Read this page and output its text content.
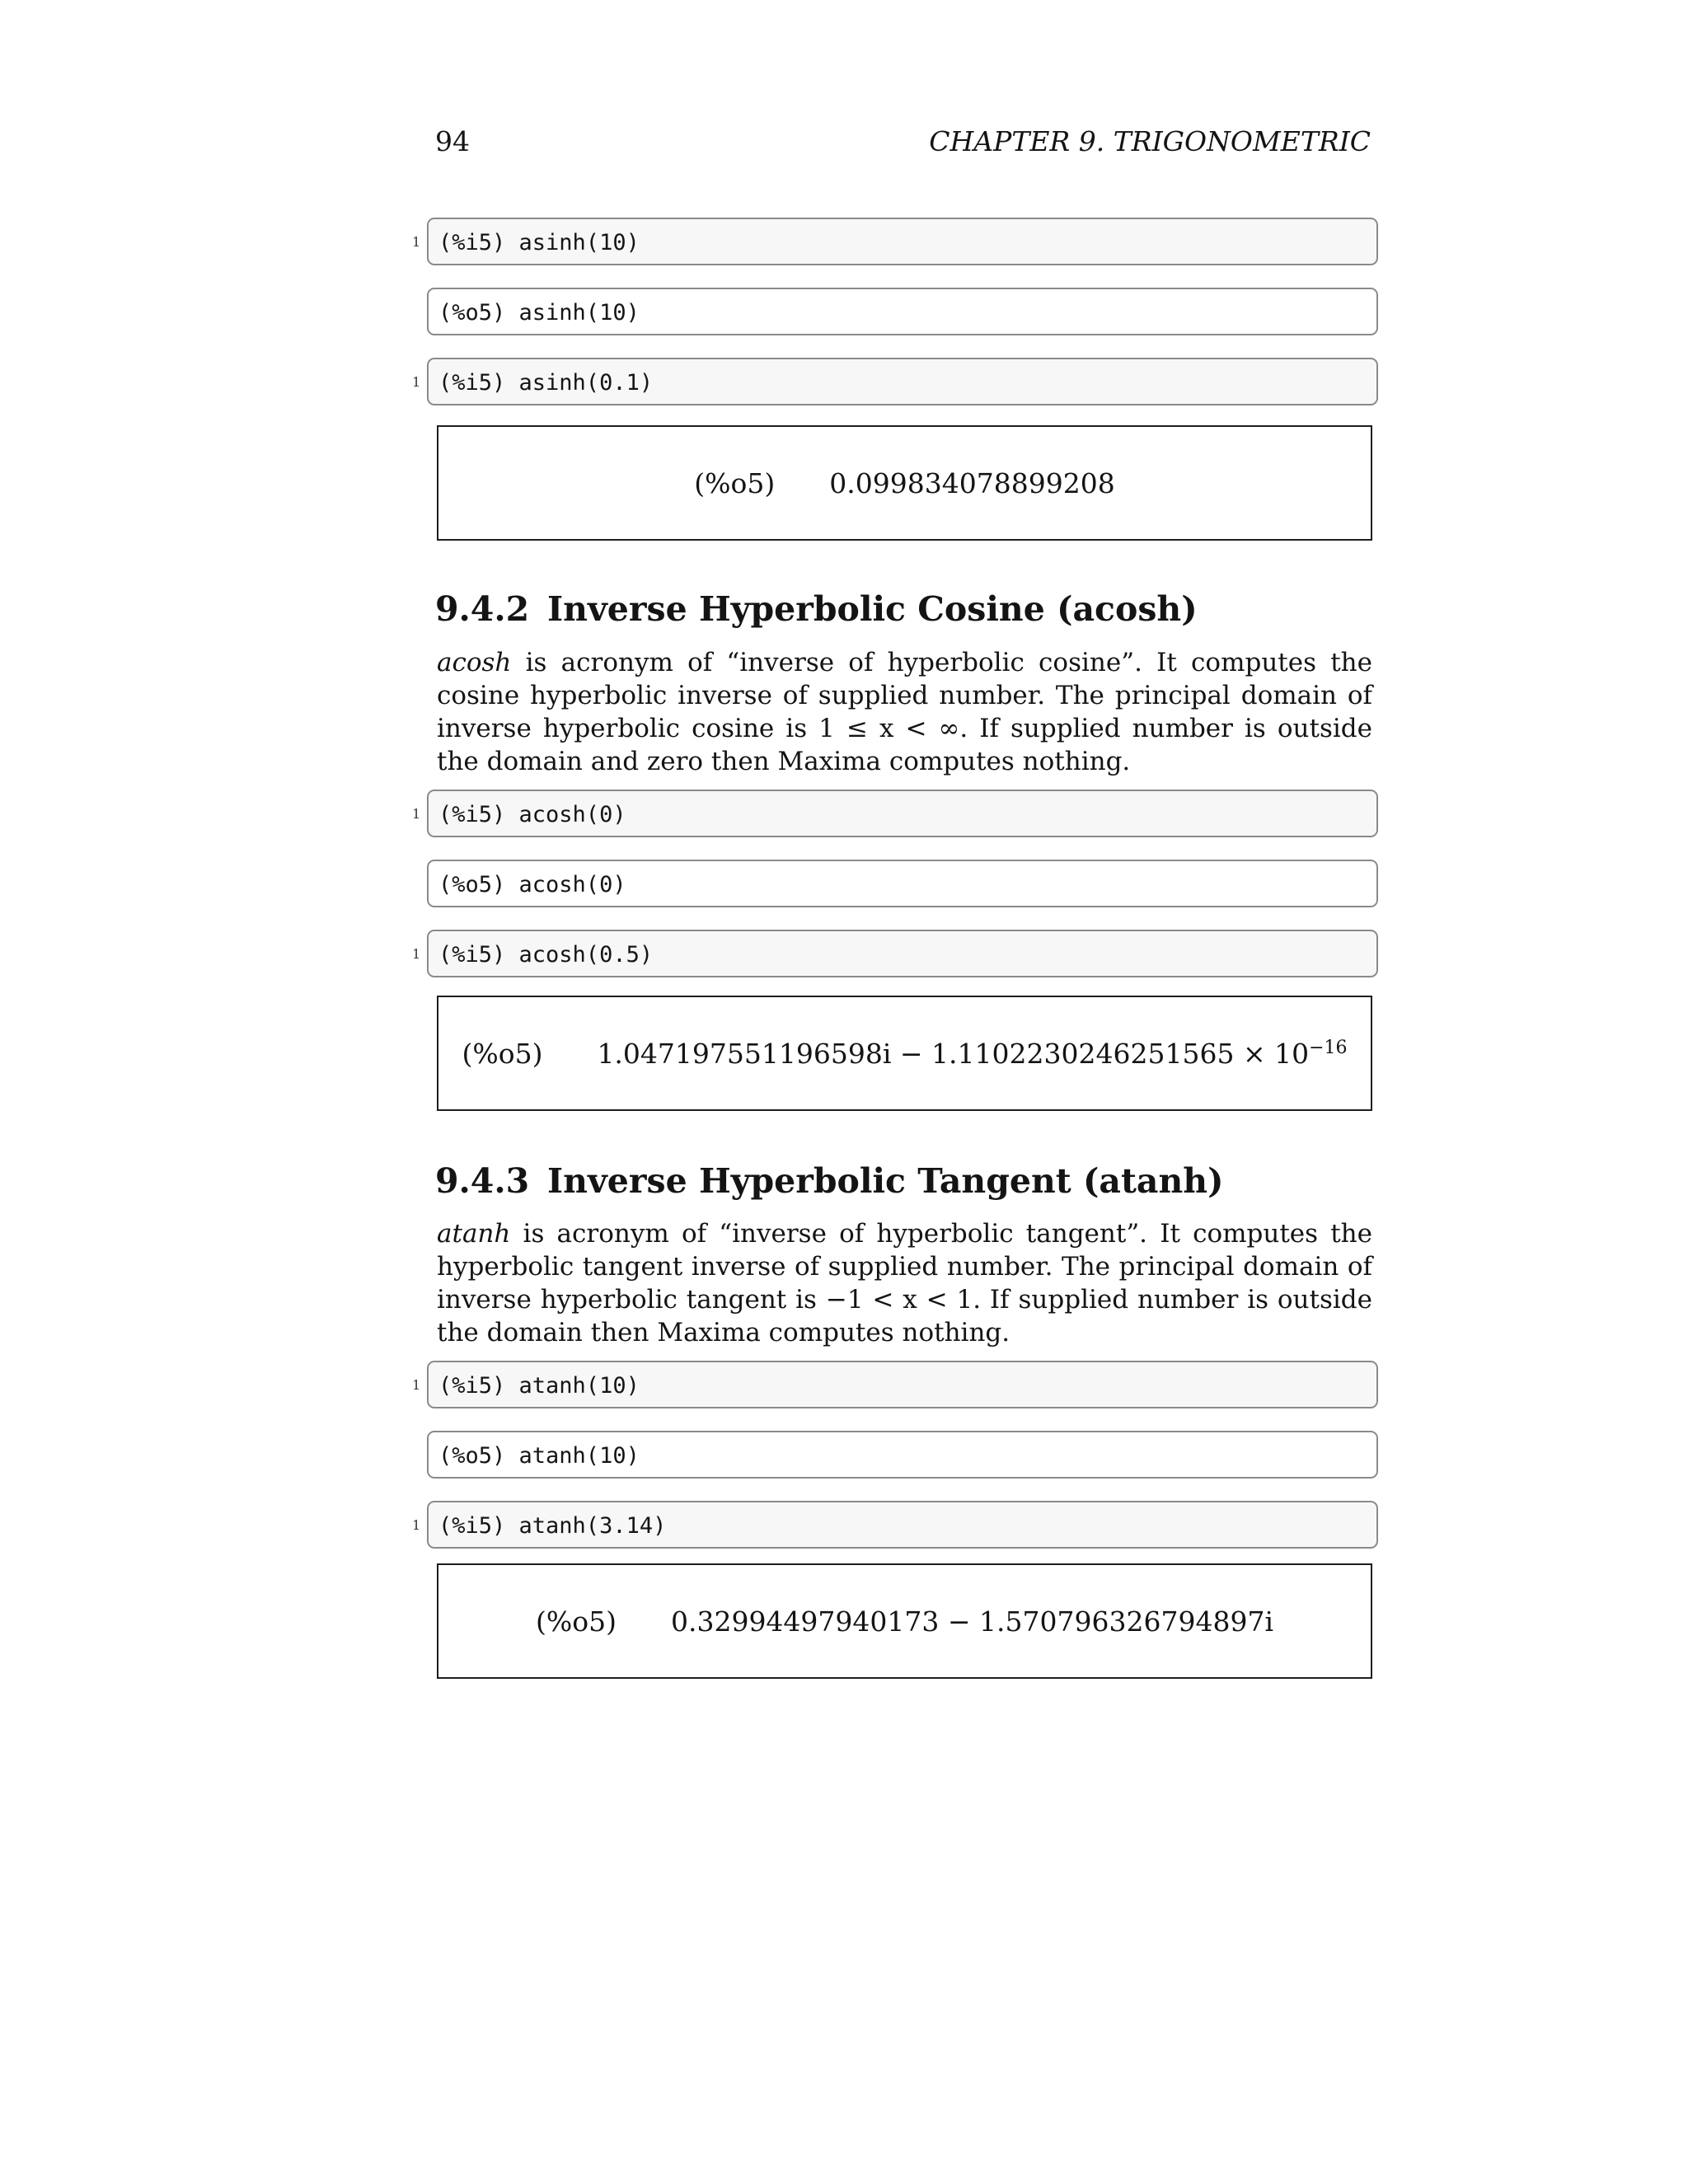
94	CHAPTER 9. TRIGONOMETRIC
1 (%i5) asinh(10)
(%o5) asinh(10)
1 (%i5) asinh(0.1)
(%o5) 0.099834078899208
9.4.2 Inverse Hyperbolic Cosine (acosh)

acosh is acronym of “inverse of hyperbolic cosine”. It computes the cosine hyperbolic inverse of supplied number. The principal domain of inverse hyperbolic cosine is 1 ≤ x < ∞. If supplied number is outside the domain and zero then Maxima computes nothing.

1 (%i5) acosh(0)
(%o5) acosh(0)
1 (%i5) acosh(0.5)
(%o5) $1.047197551196598i - 1.1102230246251565 \times 10^{-16}$
9.4.3 Inverse Hyperbolic Tangent (atanh)

atanh is acronym of “inverse of hyperbolic tangent”. It computes the hyperbolic tangent inverse of supplied number. The principal domain of inverse hyperbolic tangent is −1 < x < 1. If supplied number is outside the domain then Maxima computes nothing.

1 (%i5) atanh(10)
(%o5) atanh(10)
1 (%i5) atanh(3.14)
(%o5) 0.32994497940173 − 1.570796326794897i
